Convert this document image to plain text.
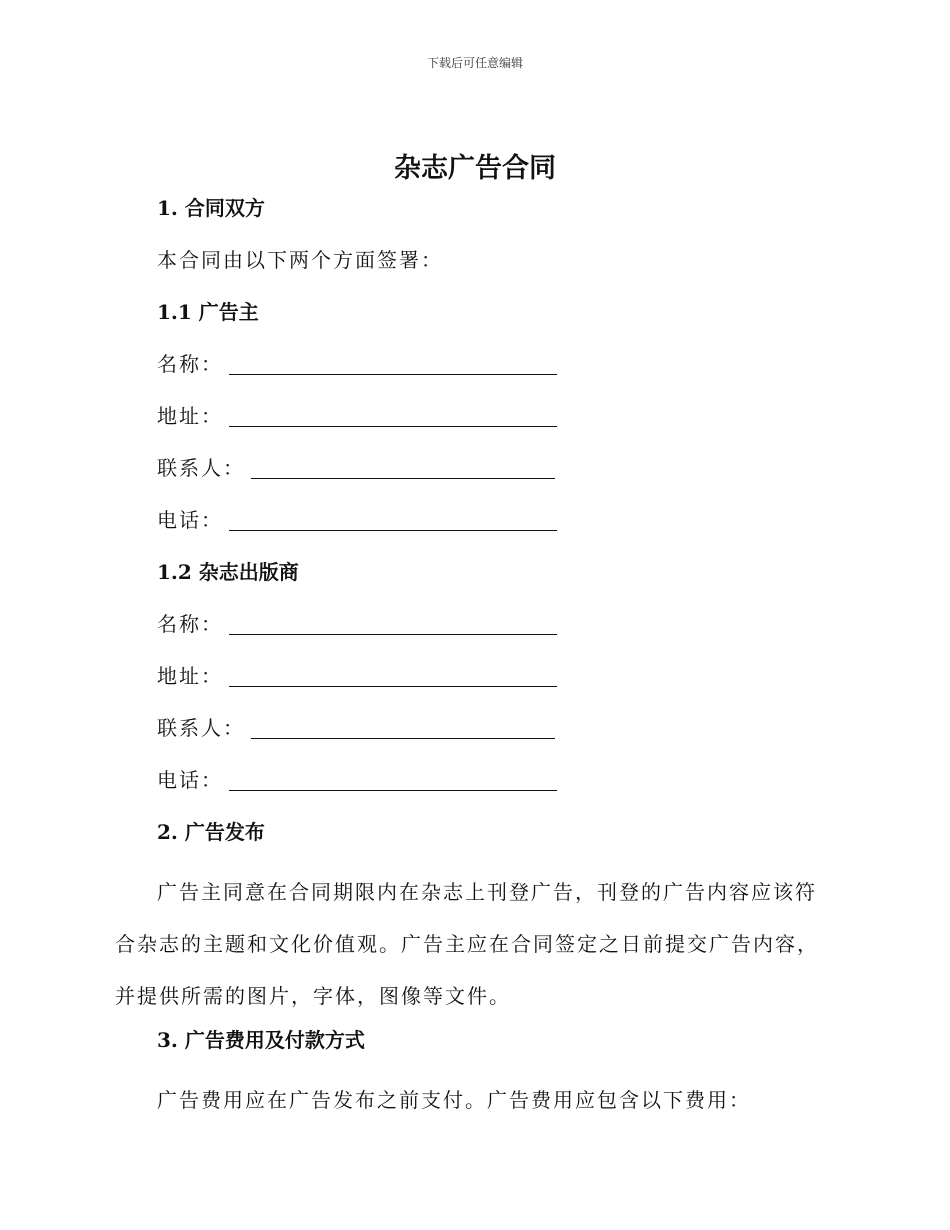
下载后可任意编辑
杂志广告合同
1. 合同双方
本合同由以下两个方面签署：
1.1 广告主
名称：
地址：
联系人：
电话：
1.2 杂志出版商
名称：
地址：
联系人：
电话：
2. 广告发布

广告主同意在合同期限内在杂志上刊登广告，刊登的广告内容应该符合杂志的主题和文化价值观。广告主应在合同签定之日前提交广告内容，并提供所需的图片，字体，图像等文件。

3. 广告费用及付款方式

广告费用应在广告发布之前支付。广告费用应包含以下费用：
